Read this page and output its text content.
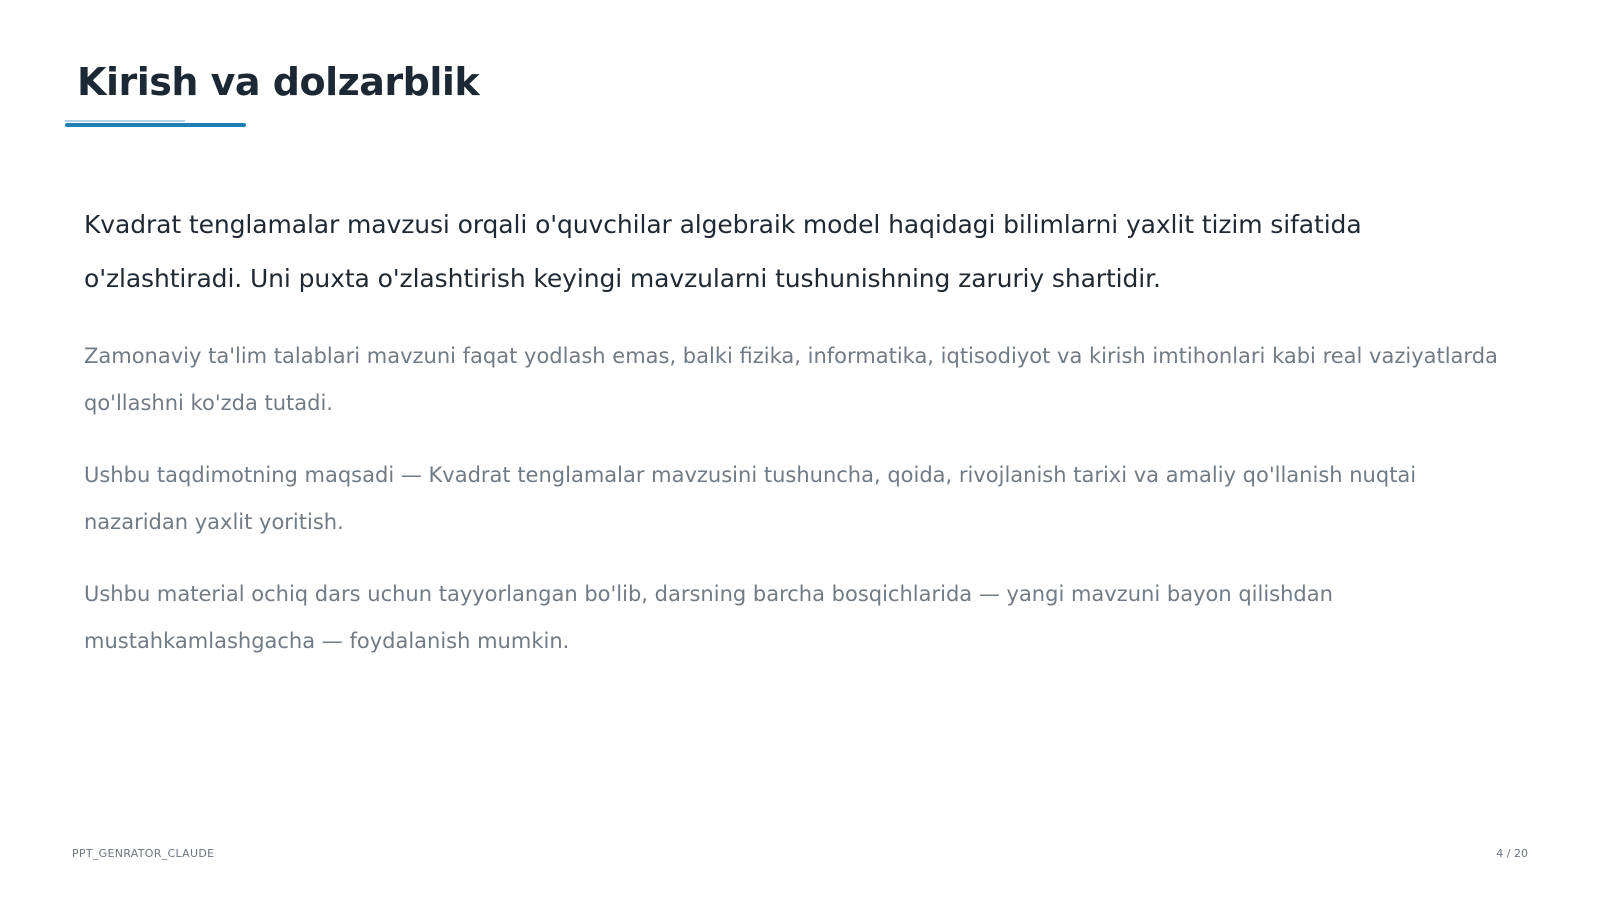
Kirish va dolzarblik

Kvadrat tenglamalar mavzusi orqali o'quvchilar algebraik model haqidagi bilimlarni yaxlit tizim sifatida o'zlashtiradi. Uni puxta o'zlashtirish keyingi mavzularni tushunishning zaruriy shartidir.

Zamonaviy ta'lim talablari mavzuni faqat yodlash emas, balki fizika, informatika, iqtisodiyot va kirish imtihonlari kabi real vaziyatlarda qo'llashni ko'zda tutadi.

Ushbu taqdimotning maqsadi — Kvadrat tenglamalar mavzusini tushuncha, qoida, rivojlanish tarixi va amaliy qo'llanish nuqtai nazaridan yaxlit yoritish.

Ushbu material ochiq dars uchun tayyorlangan bo'lib, darsning barcha bosqichlarida — yangi mavzuni bayon qilishdan mustahkamlashgacha — foydalanish mumkin.

PPT_GENRATOR_CLAUDE	4 / 20
